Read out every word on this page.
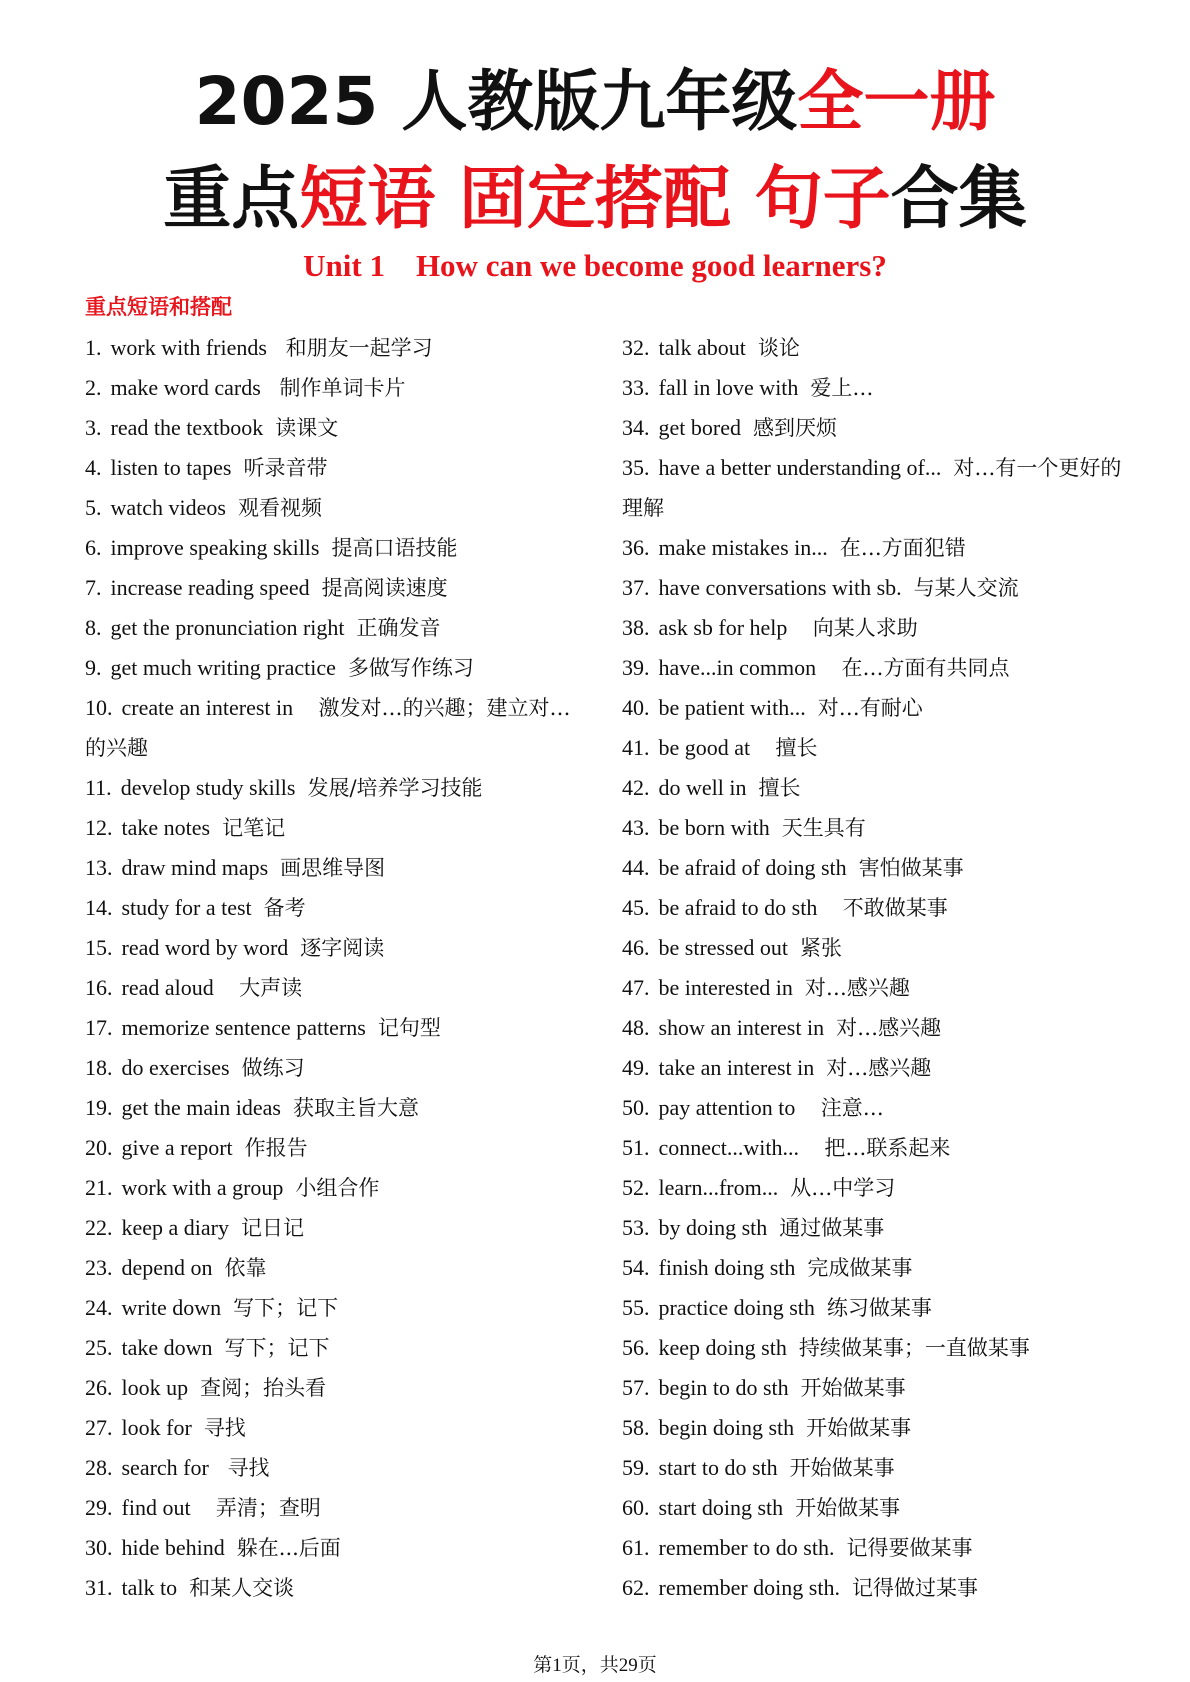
2025 人教版九年级全一册
重点短语 固定搭配 句子合集
Unit 1    How can we become good learners?
重点短语和搭配
1. work with friends 和朋友一起学习
2. make word cards 制作单词卡片
3. read the textbook 读课文
4. listen to tapes 听录音带
5. watch videos 观看视频
6. improve speaking skills 提高口语技能
7. increase reading speed 提高阅读速度
8. get the pronunciation right 正确发音
9. get much writing practice 多做写作练习
10. create an interest in  激发对…的兴趣；建立对…的兴趣
11. develop study skills 发展/培养学习技能
12. take notes 记笔记
13. draw mind maps 画思维导图
14. study for a test 备考
15. read word by word 逐字阅读
16. read aloud  大声读
17. memorize sentence patterns 记句型
18. do exercises 做练习
19. get the main ideas 获取主旨大意
20. give a report 作报告
21. work with a group 小组合作
22. keep a diary 记日记
23. depend on 依靠
24. write down 写下；记下
25. take down 写下；记下
26. look up 查阅；抬头看
27. look for 寻找
28. search for 寻找
29. find out  弄清；查明
30. hide behind 躲在...后面
31. talk to 和某人交谈
32. talk about 谈论
33. fall in love with 爱上…
34. get bored 感到厌烦
35. have a better understanding of... 对…有一个更好的理解
36. make mistakes in... 在…方面犯错
37. have conversations with sb. 与某人交流
38. ask sb for help  向某人求助
39. have...in common  在…方面有共同点
40. be patient with... 对…有耐心
41. be good at  擅长
42. do well in 擅长
43. be born with 天生具有
44. be afraid of doing sth 害怕做某事
45. be afraid to do sth  不敢做某事
46. be stressed out 紧张
47. be interested in 对…感兴趣
48. show an interest in 对…感兴趣
49. take an interest in 对…感兴趣
50. pay attention to  注意…
51. connect...with...  把…联系起来
52. learn...from... 从…中学习
53. by doing sth 通过做某事
54. finish doing sth 完成做某事
55. practice doing sth 练习做某事
56. keep doing sth 持续做某事；一直做某事
57. begin to do sth 开始做某事
58. begin doing sth 开始做某事
59. start to do sth 开始做某事
60. start doing sth 开始做某事
61. remember to do sth. 记得要做某事
62. remember doing sth. 记得做过某事
第1页，共29页
